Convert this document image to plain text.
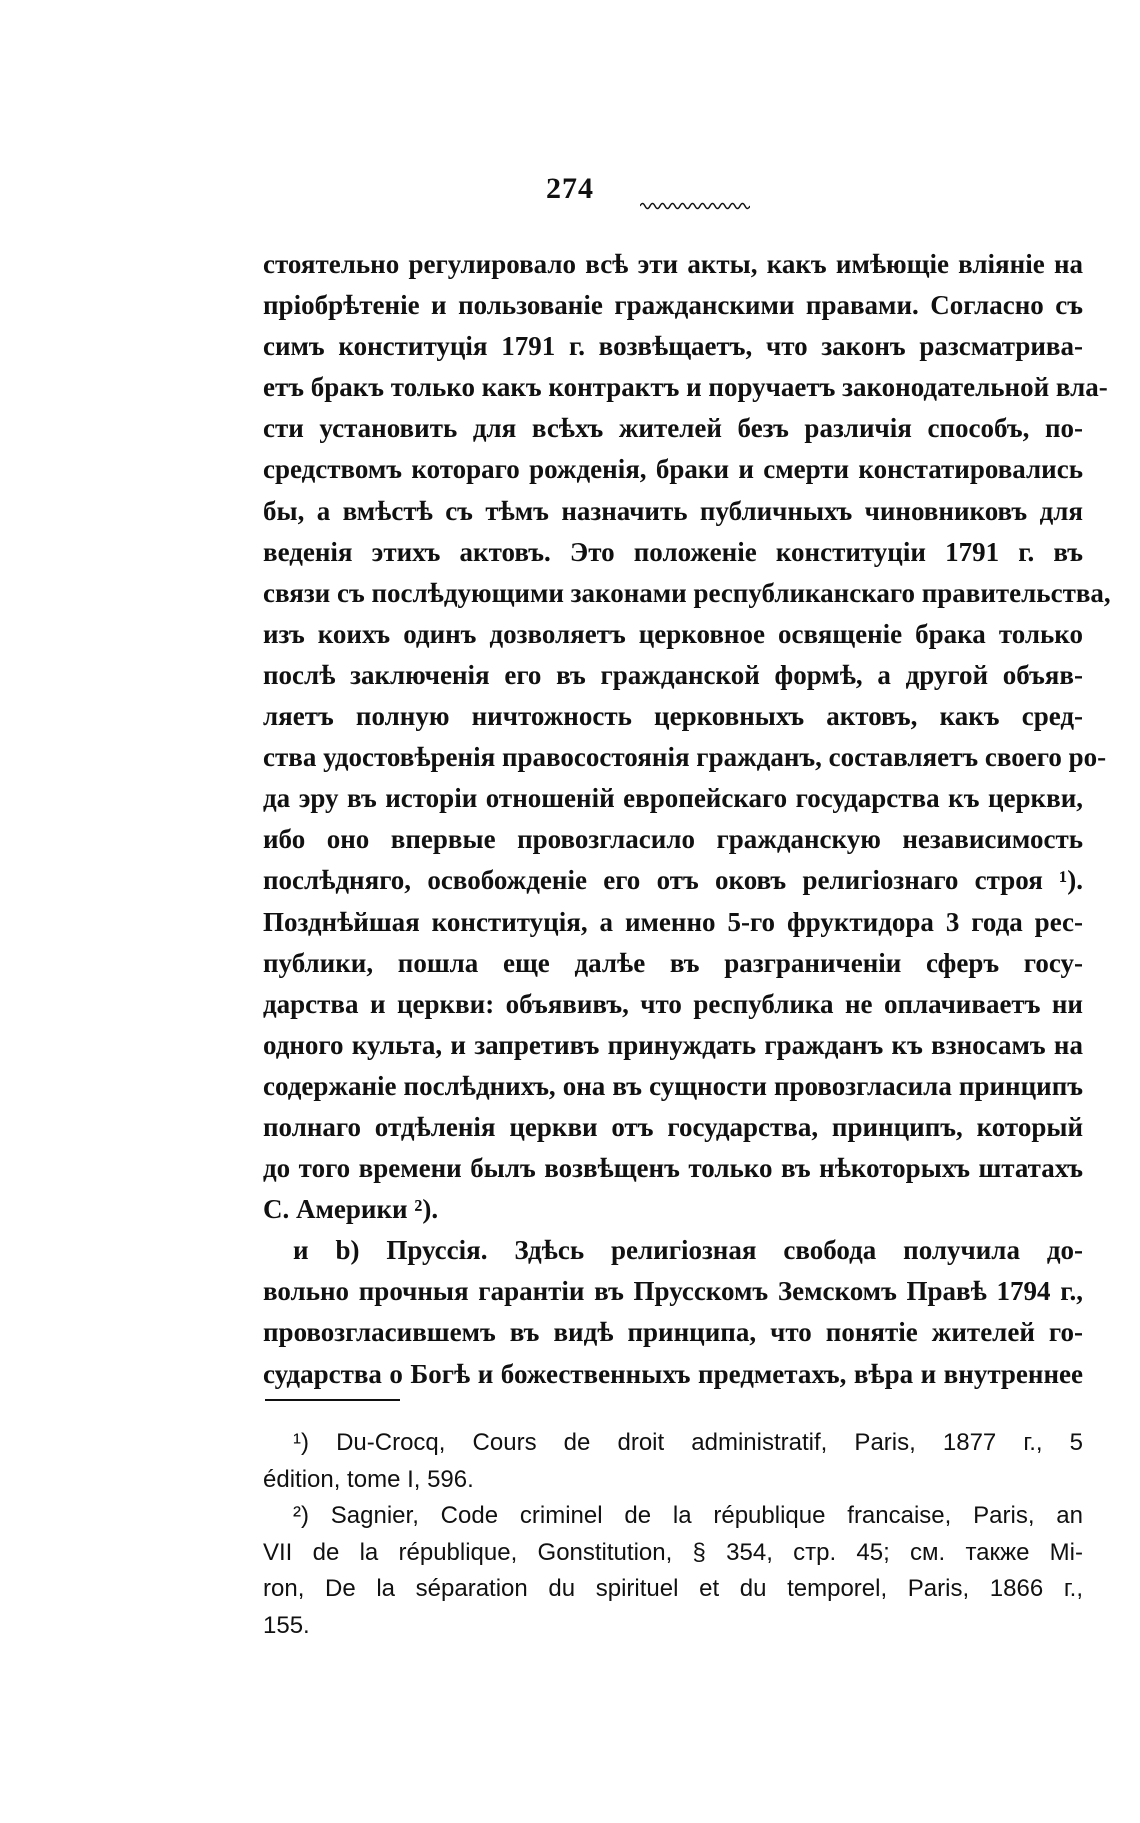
274
стоятельно регулировало всѣ эти акты, какъ имѣющіе вліяніе на
пріобрѣтеніе и пользованіе гражданскими правами. Согласно съ
симъ конституція 1791 г. возвѣщаетъ, что законъ разсматрива-
етъ бракъ только какъ контрактъ и поручаетъ законодательной вла-
сти установить для всѣхъ жителей безъ различія способъ, по-
средствомъ котораго рожденія, браки и смерти констатировались
бы, а вмѣстѣ съ тѣмъ назначить публичныхъ чиновниковъ для
веденія этихъ актовъ. Это положеніе конституціи 1791 г. въ
связи съ послѣдующими законами республиканскаго правительства,
изъ коихъ одинъ дозволяетъ церковное освященіе брака только
послѣ заключенія его въ гражданской формѣ, а другой объяв-
ляетъ полную ничтожность церковныхъ актовъ, какъ сред-
ства удостовѣренія правосостоянія гражданъ, составляетъ своего ро-
да эру въ исторіи отношеній европейскаго государства къ церкви,
ибо оно впервые провозгласило гражданскую независимость
послѣдняго, освобожденіе его отъ оковъ религіознаго строя ¹).
Позднѣйшая конституція, а именно 5-го фруктидора 3 года рес-
публики, пошла еще далѣе въ разграниченіи сферъ госу-
дарства и церкви: объявивъ, что республика не оплачиваетъ ни
одного культа, и запретивъ принуждать гражданъ къ взносамъ на
содержаніе послѣднихъ, она въ сущности провозгласила принципъ
полнаго отдѣленія церкви отъ государства, принципъ, который
до того времени былъ возвѣщенъ только въ нѣкоторыхъ штатахъ
С. Америки ²).
и b) Пруссія. Здѣсь религіозная свобода получила до-
вольно прочныя гарантіи въ Прусскомъ Земскомъ Правѣ 1794 г.,
провозгласившемъ въ видѣ принципа, что понятіе жителей го-
сударства о Богѣ и божественныхъ предметахъ, вѣра и внутреннее
¹) Du-Crocq, Cours de droit administratif, Paris, 1877 г., 5
édition, tome I, 596.
²) Sagnier, Code criminel de la république francaise, Paris, an
VII de la république, Gonstitution, § 354, стр. 45; см. также Mi-
ron, De la séparation du spirituel et du temporel, Paris, 1866 г.,
155.
